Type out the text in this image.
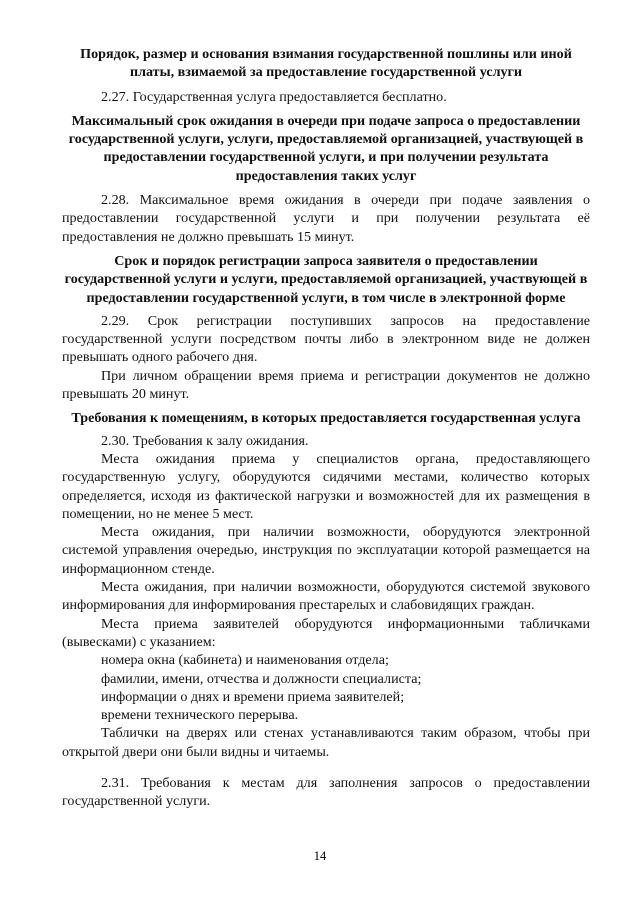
Порядок, размер и основания взимания государственной пошлины или иной платы, взимаемой за предоставление государственной услуги

2.27. Государственная услуга предоставляется бесплатно.

Максимальный срок ожидания в очереди при подаче запроса о предоставлении государственной услуги, услуги, предоставляемой организацией, участвующей в предоставлении государственной услуги, и при получении результата предоставления таких услуг

2.28. Максимальное время ожидания в очереди при подаче заявления о предоставлении государственной услуги и при получении результата её предоставления не должно превышать 15 минут.

Срок и порядок регистрации запроса заявителя о предоставлении государственной услуги и услуги, предоставляемой организацией, участвующей в предоставлении государственной услуги, в том числе в электронной форме

2.29. Срок регистрации поступивших запросов на предоставление государственной услуги посредством почты либо в электронном виде не должен превышать одного рабочего дня.

При личном обращении время приема и регистрации документов не должно превышать 20 минут.

Требования к помещениям, в которых предоставляется государственная услуга

2.30. Требования к залу ожидания.

Места ожидания приема у специалистов органа, предоставляющего государственную услугу, оборудуются сидячими местами, количество которых определяется, исходя из фактической нагрузки и возможностей для их размещения в помещении, но не менее 5 мест.

Места ожидания, при наличии возможности, оборудуются электронной системой управления очередью, инструкция по эксплуатации которой размещается на информационном стенде.

Места ожидания, при наличии возможности, оборудуются системой звукового информирования для информирования престарелых и слабовидящих граждан.

Места приема заявителей оборудуются информационными табличками (вывесками) с указанием:

номера окна (кабинета) и наименования отдела;

фамилии, имени, отчества и должности специалиста;

информации о днях и времени приема заявителей;

времени технического перерыва.

Таблички на дверях или стенах устанавливаются таким образом, чтобы при открытой двери они были видны и читаемы.

2.31. Требования к местам для заполнения запросов о предоставлении государственной услуги.

14
